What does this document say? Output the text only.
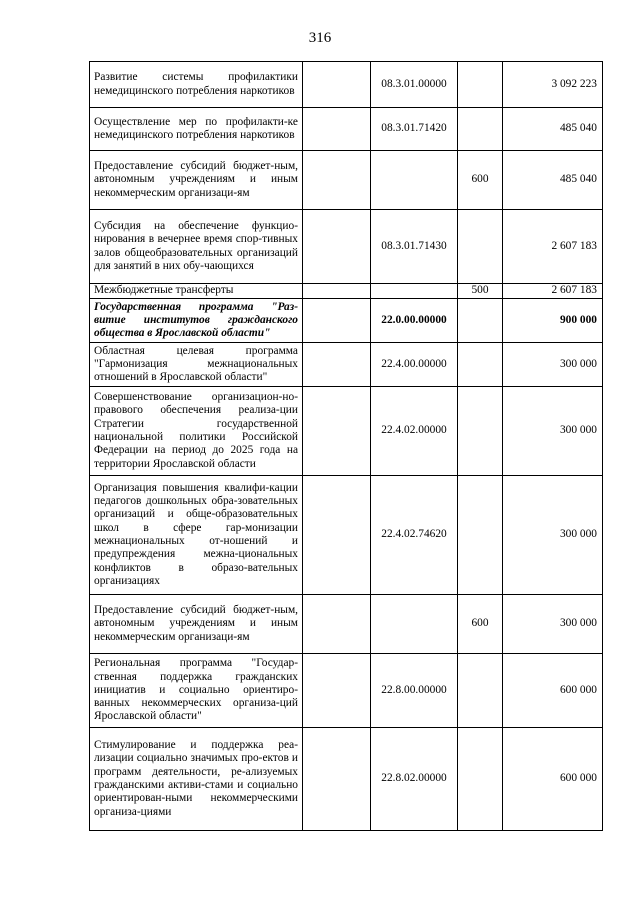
316
Развитие системы профилактики немедицинского потребления наркотиков		08.3.01.00000		3 092 223
Осуществление мер по профилакти-ке немедицинского потребления наркотиков		08.3.01.71420		485 040
Предоставление субсидий бюджет-ным, автономным учреждениям и иным некоммерческим организаци-ям			600	485 040
Субсидия на обеспечение функцио-нирования в вечернее время спор-тивных залов общеобразовательных организаций для занятий в них обу-чающихся		08.3.01.71430		2 607 183
Межбюджетные трансферты			500	2 607 183
Государственная программа "Раз-витие институтов гражданского общества в Ярославской области"		22.0.00.00000		900 000
Областная целевая программа "Гармонизация межнациональных отношений в Ярославской области"		22.4.00.00000		300 000
Совершенствование организацион-но-правового обеспечения реализа-ции Стратегии государственной национальной политики Российской Федерации на период до 2025 года на территории Ярославской области		22.4.02.00000		300 000
Организация повышения квалифи-кации педагогов дошкольных обра-зовательных организаций и обще-образовательных школ в сфере гар-монизации межнациональных от-ношений и предупреждения межна-циональных конфликтов в образо-вательных организациях		22.4.02.74620		300 000
Предоставление субсидий бюджет-ным, автономным учреждениям и иным некоммерческим организаци-ям			600	300 000
Региональная программа "Государ-ственная поддержка гражданских инициатив и социально ориентиро-ванных некоммерческих организа-ций Ярославской области"		22.8.00.00000		600 000
Стимулирование и поддержка реа-лизации социально значимых про-ектов и программ деятельности, ре-ализуемых гражданскими активи-стами и социально ориентирован-ными некоммерческими организа-циями		22.8.02.00000		600 000
